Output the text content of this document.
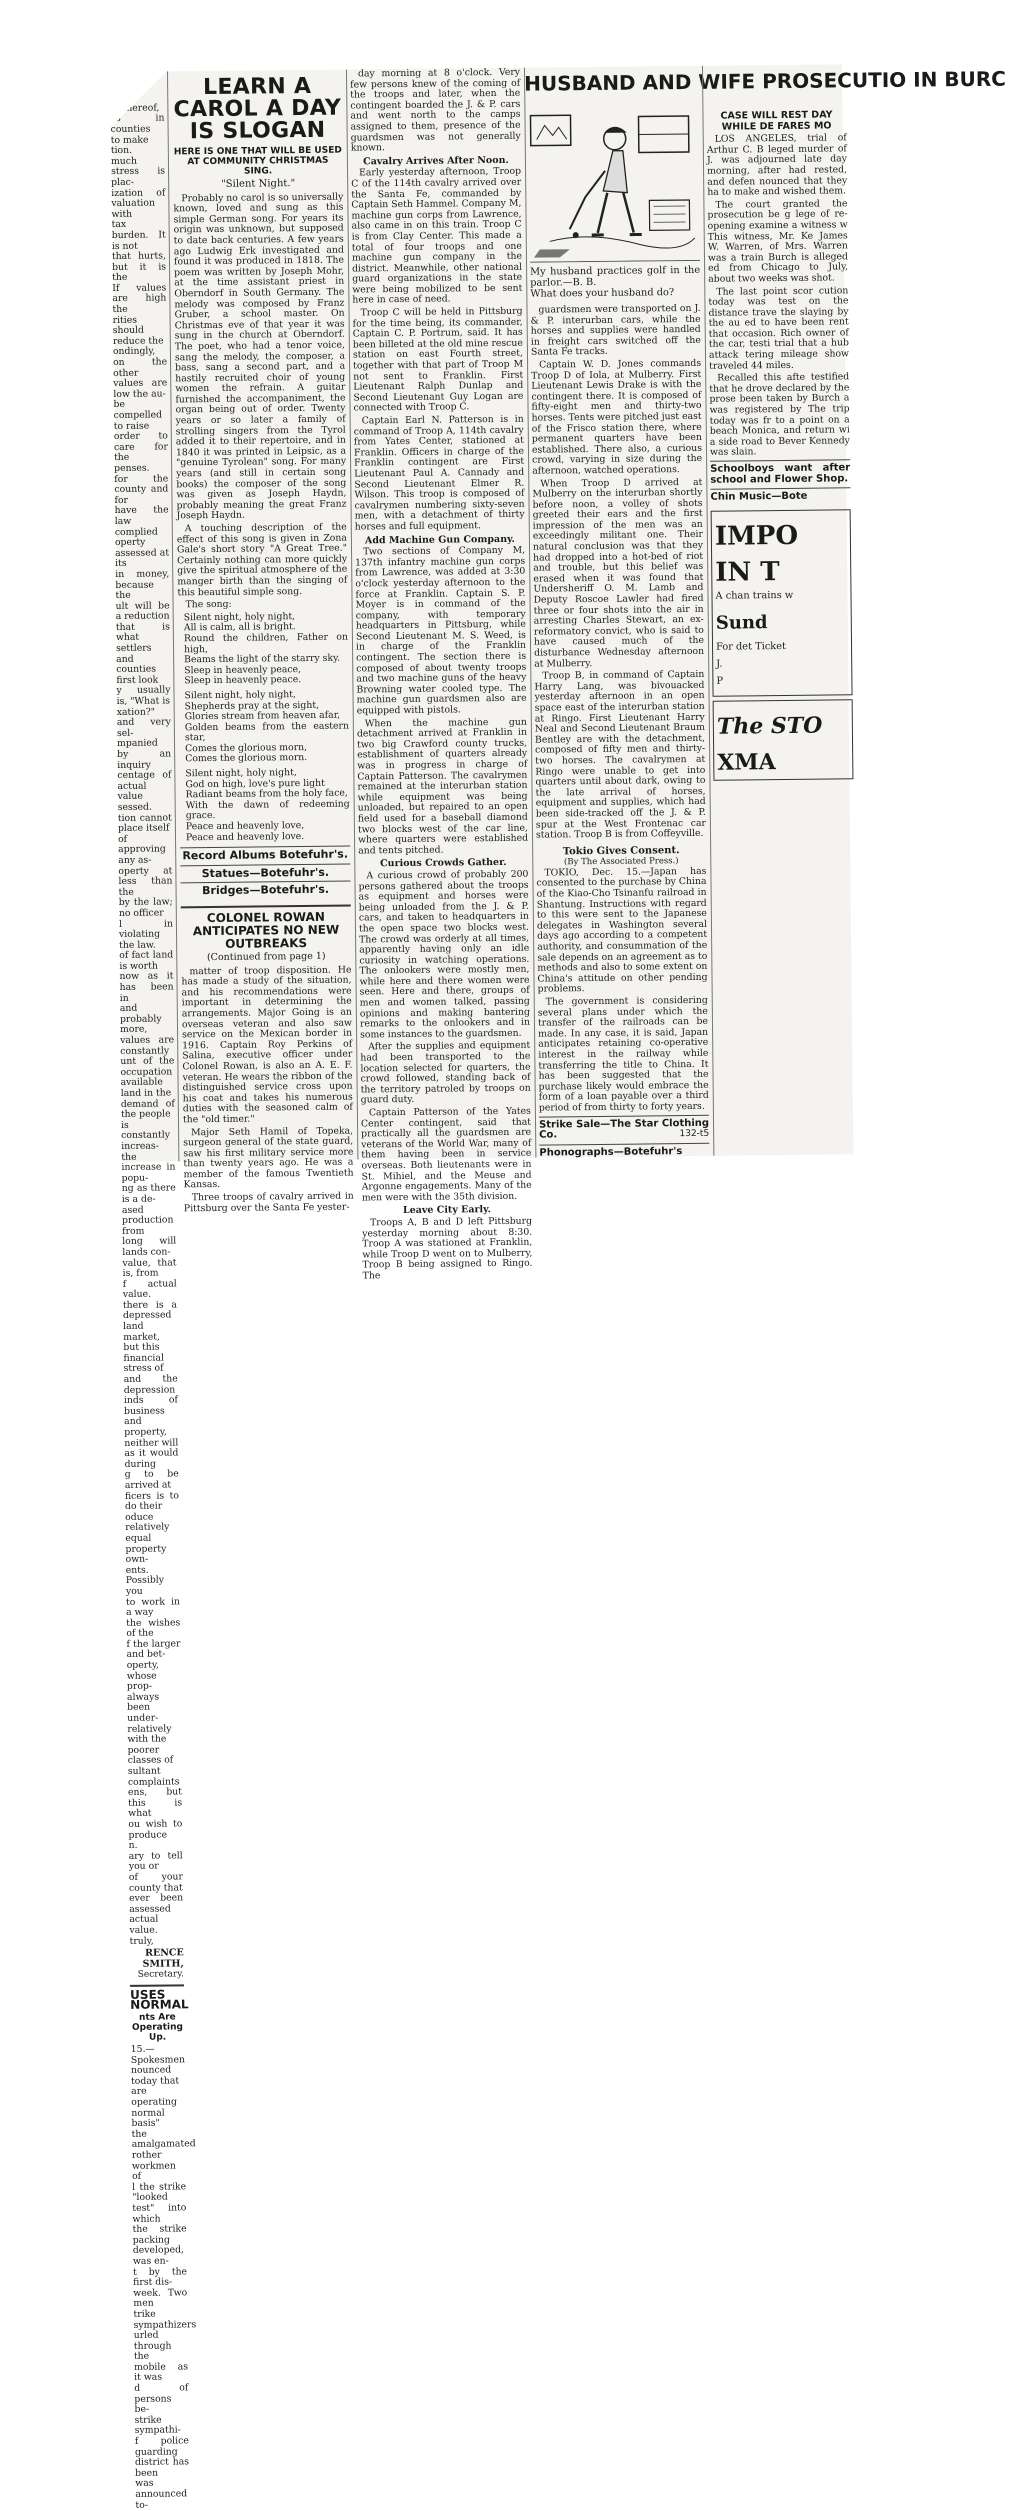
ately
lands
ed of
rs thereof,
es in counties
to make
tion.
much stress is plac-
ization of valuation with
tax burden. It is not
that hurts, but it is the
If values are high the
rities should reduce the
ondingly, on the other
values are low the au-
be compelled to raise
order to care for the
penses.
for the county and for
have the law complied
operty assessed at its
in money, because the
ult will be a reduction
that is what settlers
and counties first look
y usually is, "What is
xation?" and very sel-
mpanied by an inquiry
centage of actual value
sessed.
tion cannot place itself
of approving any as-
operty at less than the
by the law; no officer
l in violating the law.
of fact land is worth
now as it has been in
and probably more,
values are constantly
unt of the occupation
available land in the
demand of the people
is constantly increas-
the increase in popu-
ng as there is a de-
ased production from
long will lands con-
value, that is, from
f actual value.
there is a depressed
land market, but this
financial stress of
and the depression
inds of business and
property, neither will
as it would during
g to be arrived at
ficers is to do their
oduce relatively equal
property own-
ents. Possibly you
to work in a way
the wishes of the
f the larger and bet-
operty, whose prop-
always been under-
relatively with the
poorer classes of
sultant complaints
ens, but this is what
ou wish to produce
n.
ary to tell you or
of your county that
ever been assessed
actual value.
truly,
RENCE SMITH,
Secretary.
USES NORMAL
nts Are Operating Up.
15.—Spokesmen
nounced today that
are operating
normal basis"
the amalgamated
rother workmen of
l the strike "looked
test" into which
the strike packing
developed, was en-
t by the first dis-
week. Two men
trike sympathizers
urled through the
mobile as it was
d of persons be-
strike sympathi-
f police guarding
district has been
was announced to-
LEARN A CAROL A DAY IS SLOGAN
HERE IS ONE THAT WILL BE USED AT COMMUNITY CHRISTMAS SING.
"Silent Night."

Probably no carol is so universally known, loved and sung as this simple German song. For years its origin was unknown, but supposed to date back centuries. A few years ago Ludwig Erk investigated and found it was produced in 1818. The poem was written by Joseph Mohr, at the time assistant priest in Oberndorf in South Germany. The melody was composed by Franz Gruber, a school master. On Christmas eve of that year it was sung in the church at Oberndorf. The poet, who had a tenor voice, sang the melody, the composer, a bass, sang a second part, and a hastily recruited choir of young women the refrain. A guitar furnished the accompaniment, the organ being out of order. Twenty years or so later a family of strolling singers from the Tyrol added it to their repertoire, and in 1840 it was printed in Leipsic, as a "genuine Tyrolean" song. For many years (and still in certain song books) the composer of the song was given as Joseph Haydn, probably meaning the great Franz Joseph Haydn.

A touching description of the effect of this song is given in Zona Gale's short story "A Great Tree." Certainly nothing can more quickly give the spiritual atmosphere of the manger birth than the singing of this beautiful simple song.

The song:

Silent night, holy night,
All is calm, all is bright.
Round the children, Father on high,
Beams the light of the starry sky.
Sleep in heavenly peace,
Sleep in heavenly peace.
Silent night, holy night,
Shepherds pray at the sight,
Glories stream from heaven afar,
Golden beams from the eastern star,
Comes the glorious morn,
Comes the glorious morn.
Silent night, holy night,
God on high, love's pure light
Radiant beams from the holy face,
With the dawn of redeeming grace.
Peace and heavenly love,
Peace and heavenly love.
Record Albums Botefuhr's.
Statues—Botefuhr's.
Bridges—Botefuhr's.
COLONEL ROWAN ANTICIPATES NO NEW OUTBREAKS
(Continued from page 1)

matter of troop disposition. He has made a study of the situation, and his recommendations were important in determining the arrangements. Major Going is an overseas veteran and also saw service on the Mexican border in 1916. Captain Roy Perkins of Salina, executive officer under Colonel Rowan, is also an A. E. F. veteran. He wears the ribbon of the distinguished service cross upon his coat and takes his numerous duties with the seasoned calm of the "old timer."

Major Seth Hamil of Topeka, surgeon general of the state guard, saw his first military service more than twenty years ago. He was a member of the famous Twentieth Kansas.

Three troops of cavalry arrived in Pittsburg over the Santa Fe yester-

day morning at 8 o'clock. Very few persons knew of the coming of the troops and later, when the contingent boarded the J. & P. cars and went north to the camps assigned to them, presence of the guardsmen was not generally known.

Cavalry Arrives After Noon.

Early yesterday afternoon, Troop C of the 114th cavalry arrived over the Santa Fe, commanded by Captain Seth Hammel. Company M, machine gun corps from Lawrence, also came in on this train. Troop C is from Clay Center. This made a total of four troops and one machine gun company in the district. Meanwhile, other national guard organizations in the state were being mobilized to be sent here in case of need.

Troop C will be held in Pittsburg for the time being, its commander, Captain C. P. Portrum, said. It has been billeted at the old mine rescue station on east Fourth street, together with that part of Troop M not sent to Franklin. First Lieutenant Ralph Dunlap and Second Lieutenant Guy Logan are connected with Troop C.

Captain Earl N. Patterson is in command of Troop A, 114th cavalry from Yates Center, stationed at Franklin. Officers in charge of the Franklin contingent are First Lieutenant Paul A. Cannady and Second Lieutenant Elmer R. Wilson. This troop is composed of cavalrymen numbering sixty-seven men, with a detachment of thirty horses and full equipment.

Add Machine Gun Company.

Two sections of Company M, 137th infantry machine gun corps from Lawrence, was added at 3:30 o'clock yesterday afternoon to the force at Franklin. Captain S. P. Moyer is in command of the company, with temporary headquarters in Pittsburg, while Second Lieutenant M. S. Weed, is in charge of the Franklin contingent. The section there is composed of about twenty troops and two machine guns of the heavy Browning water cooled type. The machine gun guardsmen also are equipped with pistols.

When the machine gun detachment arrived at Franklin in two big Crawford county trucks, establishment of quarters already was in progress in charge of Captain Patterson. The cavalrymen remained at the interurban station while equipment was being unloaded, but repaired to an open field used for a baseball diamond two blocks west of the car line, where quarters were established and tents pitched.

Curious Crowds Gather.

A curious crowd of probably 200 persons gathered about the troops as equipment and horses were being unloaded from the J. & P. cars, and taken to headquarters in the open space two blocks west. The crowd was orderly at all times, apparently having only an idle curiosity in watching operations. The onlookers were mostly men, while here and there women were seen. Here and there, groups of men and women talked, passing opinions and making bantering remarks to the onlookers and in some instances to the guardsmen.

After the supplies and equipment had been transported to the location selected for quarters, the crowd followed, standing back of the territory patroled by troops on guard duty.

Captain Patterson of the Yates Center contingent, said that practically all the guardsmen are veterans of the World War, many of them having been in service overseas. Both lieutenants were in St. Mihiel, and the Meuse and Argonne engagements. Many of the men were with the 35th division.

Leave City Early.

Troops A, B and D left Pittsburg yesterday morning about 8:30. Troop A was stationed at Franklin, while Troop D went on to Mulberry, Troop B being assigned to Ringo. The

HUSBAND AND WIFE PROSECUTIO IN BURC
My husband practices golf in the parlor.—B. B.
What does your husband do?

guardsmen were transported on J. & P. interurban cars, while the horses and supplies were handled in freight cars switched off the Santa Fe tracks.

Captain W. D. Jones commands Troop D of Iola, at Mulberry. First Lieutenant Lewis Drake is with the contingent there. It is composed of fifty-eight men and thirty-two horses. Tents were pitched just east of the Frisco station there, where permanent quarters have been established. There also, a curious crowd, varying in size during the afternoon, watched operations.

When Troop D arrived at Mulberry on the interurban shortly before noon, a volley of shots greeted their ears and the first impression of the men was an exceedingly militant one. Their natural conclusion was that they had dropped into a hot-bed of riot and trouble, but this belief was erased when it was found that Undersheriff O. M. Lamb and Deputy Roscoe Lawler had fired three or four shots into the air in arresting Charles Stewart, an ex-reformatory convict, who is said to have caused much of the disturbance Wednesday afternoon at Mulberry.

Troop B, in command of Captain Harry Lang, was bivouacked yesterday afternoon in an open space east of the interurban station at Ringo. First Lieutenant Harry Neal and Second Lieutenant Braum Bentley are with the detachment, composed of fifty men and thirty-two horses. The cavalrymen at Ringo were unable to get into quarters until about dark, owing to the late arrival of horses, equipment and supplies, which had been side-tracked off the J. & P. spur at the West Frontenac car station. Troop B is from Coffeyville.

Tokio Gives Consent.
(By The Associated Press.)

TOKIO, Dec. 15.—Japan has consented to the purchase by China of the Kiao-Cho Tsinanfu railroad in Shantung. Instructions with regard to this were sent to the Japanese delegates in Washington several days ago according to a competent authority, and consummation of the sale depends on an agreement as to methods and also to some extent on China's attitude on other pending problems.

The government is considering several plans under which the transfer of the railroads can be made. In any case, it is said, Japan anticipates retaining co-operative interest in the railway while transferring the title to China. It has been suggested that the purchase likely would embrace the form of a loan payable over a third period of from thirty to forty years.

Strike Sale—The Star Clothing Co.	132-t5
Phonographs—Botefuhr's
CASE WILL REST DAY WHILE DE FARES MO

LOS ANGELES, trial of Arthur C. B leged murder of J. was adjourned late day morning, after had rested, and defen nounced that they ha to make and wished them.

The court granted the prosecution be g lege of re-opening examine a witness w This witness, Mr. Ke James W. Warren, of Mrs. Warren was a train Burch is alleged ed from Chicago to July, about two weeks was shot.

The last point scor cution today was test on the distance trave the slaying by the au ed to have been rent that occasion. Rich owner of the car, testi trial that a hub attack tering mileage show traveled 44 miles.

Recalled this afte testified that he drove declared by the prose been taken by Burch a was registered by The trip today was fr to a point on a beach Monica, and return wi a side road to Bever Kennedy was slain.

Schoolboys want after school and Flower Shop.
Chin Music—Bote
IMPO
IN T
A chan trains w
Sund
For det Ticket
J.
P
The STO
XMA
